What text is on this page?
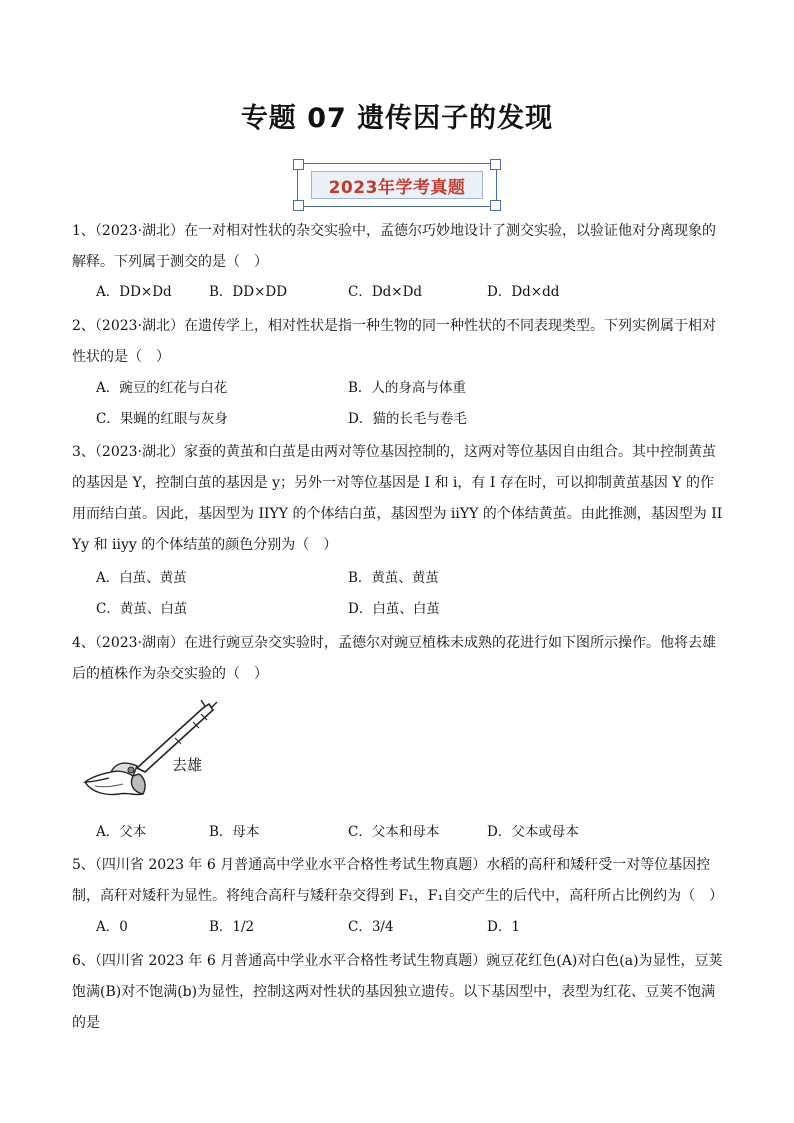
专题 07 遗传因子的发现
2023年学考真题
1、（2023·湖北）在一对相对性状的杂交实验中，孟德尔巧妙地设计了测交实验，以验证他对分离现象的解释。下列属于测交的是（　）
A．DD×Dd	B．DD×DD	C．Dd×Dd	D．Dd×dd
2、（2023·湖北）在遗传学上，相对性状是指一种生物的同一种性状的不同表现类型。下列实例属于相对性状的是（　）
A．豌豆的红花与白花	B．人的身高与体重
C．果蝇的红眼与灰身	D．猫的长毛与卷毛
3、（2023·湖北）家蚕的黄茧和白茧是由两对等位基因控制的，这两对等位基因自由组合。其中控制黄茧的基因是 Y，控制白茧的基因是 y；另外一对等位基因是 I 和 i，有 I 存在时，可以抑制黄茧基因 Y 的作用而结白茧。因此，基因型为 IIYY 的个体结白茧，基因型为 iiYY 的个体结黄茧。由此推测，基因型为 II Yy 和 iiyy 的个体结茧的颜色分别为（　）
A．白茧、黄茧	B．黄茧、黄茧
C．黄茧、白茧	D．白茧、白茧
4、（2023·湖南）在进行豌豆杂交实验时，孟德尔对豌豆植株未成熟的花进行如下图所示操作。他将去雄后的植株作为杂交实验的（　）
去雄
A．父本	B．母本	C．父本和母本	D．父本或母本
5、（四川省 2023 年 6 月普通高中学业水平合格性考试生物真题）水稻的高秆和矮秆受一对等位基因控制，高秆对矮秆为显性。将纯合高秆与矮秆杂交得到 F₁，F₁自交产生的后代中，高秆所占比例约为（　）
A．0	B．1/2	C．3/4	D．1
6、（四川省 2023 年 6 月普通高中学业水平合格性考试生物真题）豌豆花红色(A)对白色(a)为显性，豆荚饱满(B)对不饱满(b)为显性，控制这两对性状的基因独立遗传。以下基因型中，表型为红花、豆荚不饱满的是
